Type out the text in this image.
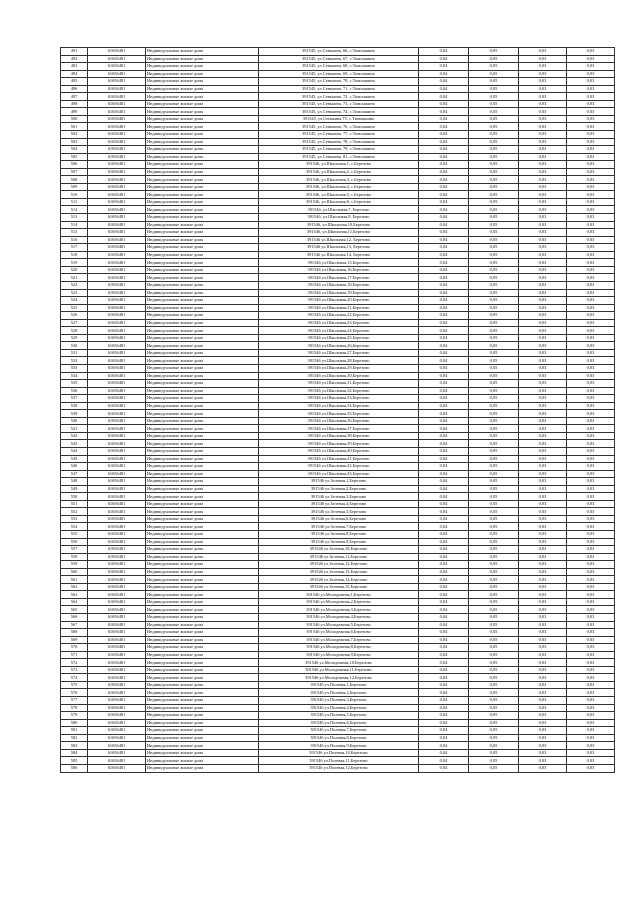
491	61656481	Индивидуальные жилые дома	391545, ул.Сенькина, 66, с.Тимошкино	0,04	0,05	0,03	0,03
492	61656481	Индивидуальные жилые дома	391545, ул.Сенькина, 67, с.Тимошкино	0,04	0,05	0,03	0,03
493	61656481	Индивидуальные жилые дома	391545, ул.Сенькина, 68, с.Тимошкино	0,04	0,05	0,03	0,03
494	61656481	Индивидуальные жилые дома	391545, ул.Сенькина, 69, с.Тимошкино	0,04	0,05	0,03	0,03
495	61656481	Индивидуальные жилые дома	391545, ул.Сенькина, 70, с.Тимошкино	0,04	0,05	0,03	0,03
496	61656481	Индивидуальные жилые дома	391545, ул.Сенькина, 71, с.Тимошкино	0,04	0,05	0,03	0,03
497	61656481	Индивидуальные жилые дома	391545, ул.Сенькина, 72, с.Тимошкино	0,04	0,05	0,03	0,03
498	61656481	Индивидуальные жилые дома	391545, ул.Сенькина, 73, с.Тимошкино	0,04	0,05	0,03	0,03
499	61656481	Индивидуальные жилые дома	391545, ул.Сенькина, 74, с.Тимошкино	0,04	0,05	0,03	0,03
500	61656481	Индивидуальные жилые дома	391545, ул.Сенькина,75, с.Тимошкино	0,04	0,05	0,03	0,03
501	61656481	Индивидуальные жилые дома	391545, ул.Сенькина, 76, с.Тимошкино	0,04	0,05	0,03	0,03
502	61656481	Индивидуальные жилые дома	391545, ул.Сенькина, 77, с.Тимошкино	0,04	0,05	0,03	0,03
503	61656481	Индивидуальные жилые дома	391545, ул.Сенькина, 78, с.Тимошкино	0,04	0,05	0,03	0,03
504	61656481	Индивидуальные жилые дома	391545, ул.Сенькина, 79, с.Тимошкино	0,04	0,05	0,03	0,03
505	61656481	Индивидуальные жилые дома	391545, ул.Сенькина, 81, с.Тимошкино	0,04	0,05	0,03	0,03
506	61656481	Индивидуальные жилые дома	391546, ул.Школьная,1, с.Березово	0,04	0,05	0,03	0,03
507	61656481	Индивидуальные жилые дома	391546, ул.Школьная,2, с.Березово	0,04	0,05	0,03	0,03
508	61656481	Индивидуальные жилые дома	391546, ул.Школьная,3, с.Березово	0,04	0,05	0,03	0,03
509	61656481	Индивидуальные жилые дома	391546, ул.Школьная,4, с.Березово	0,04	0,05	0,03	0,03
510	61656481	Индивидуальные жилые дома	391546, ул.Школьная,5, с.Березово	0,04	0,05	0,03	0,03
511	61656481	Индивидуальные жилые дома	391546, ул.Школьная,6, с.Березово	0,04	0,05	0,03	0,03
512	61656481	Индивидуальные жилые дома	391546, ул.Школьная,7, Березово	0,04	0,05	0,03	0,03
513	61656481	Индивидуальные жилые дома	391546, ул.Школьная,8, Березово	0,04	0,05	0,03	0,03
514	61656481	Индивидуальные жилые дома	391546, ул.Школьная,10,Березово	0,04	0,05	0,03	0,03
515	61656481	Индивидуальные жилые дома	391546, ул.Школьная,11,Березово	0,04	0,05	0,03	0,03
516	61656481	Индивидуальные жилые дома	391546 ул.Школьная,12, Березово	0,04	0,05	0,03	0,03
517	61656481	Индивидуальные жилые дома	391546 ул.Школьная,13, Березово	0,04	0,05	0,03	0,03
518	61656481	Индивидуальные жилые дома	391546 ул.Школьная,14, Березово	0,04	0,05	0,03	0,03
519	61656481	Индивидуальные жилые дома	391546 ул.Школьная,15,Березово	0,04	0,05	0,03	0,03
520	61656481	Индивидуальные жилые дома	391546 ул.Школьная,16,Березово	0,04	0,05	0,03	0,03
521	61656481	Индивидуальные жилые дома	391546 ул.Школьная,17,Березово	0,04	0,05	0,03	0,03
522	61656481	Индивидуальные жилые дома	391546 ул.Школьная,18,Березово	0,04	0,05	0,03	0,03
523	61656481	Индивидуальные жилые дома	391546 ул.Школьная,19,Березово	0,04	0,05	0,03	0,03
524	61656481	Индивидуальные жилые дома	391546 ул.Школьная,20,Березово	0,04	0,05	0,03	0,03
525	61656481	Индивидуальные жилые дома	391546 ул.Школьная,21,Березово	0,04	0,05	0,03	0,03
526	61656481	Индивидуальные жилые дома	391546 ул.Школьная,22,Березово	0,04	0,05	0,03	0,03
527	61656481	Индивидуальные жилые дома	391546 ул.Школьная,23,Березово	0,04	0,05	0,03	0,03
528	61656481	Индивидуальные жилые дома	391546 ул.Школьная,24,Березово	0,04	0,05	0,03	0,03
529	61656481	Индивидуальные жилые дома	391546 ул.Школьная,25,Березово	0,04	0,05	0,03	0,03
530	61656481	Индивидуальные жилые дома	391546 ул.Школьная,26,Березово	0,04	0,05	0,03	0,03
531	61656481	Индивидуальные жилые дома	391546 ул.Школьная,27,Березово	0,04	0,05	0,03	0,03
532	61656481	Индивидуальные жилые дома	391546 ул.Школьная,28,Березово	0,04	0,05	0,03	0,03
533	61656481	Индивидуальные жилые дома	391546 ул.Школьная,29,Березово	0,04	0,05	0,03	0,03
534	61656481	Индивидуальные жилые дома	391546 ул.Школьная,30,Березово	0,04	0,05	0,03	0,03
535	61656481	Индивидуальные жилые дома	391546 ул.Школьная,31,Березово	0,04	0,05	0,03	0,03
536	61656481	Индивидуальные жилые дома	391546 ул.Школьная,32,Березово	0,04	0,05	0,03	0,03
537	61656481	Индивидуальные жилые дома	391546 ул.Школьная,33,Березово	0,04	0,05	0,03	0,03
538	61656481	Индивидуальные жилые дома	391546 ул.Школьная,34,Березово	0,04	0,05	0,03	0,03
539	61656481	Индивидуальные жилые дома	391546 ул.Школьная,35,Березово	0,04	0,05	0,03	0,03
540	61656481	Индивидуальные жилые дома	391546 ул.Школьная,36,Березово	0,04	0,05	0,03	0,03
541	61656481	Индивидуальные жилые дома	391546 ул.Школьная,37,Березово	0,04	0,05	0,03	0,03
542	61656481	Индивидуальные жилые дома	391546 ул.Школьная,38,Березово	0,04	0,05	0,03	0,03
543	61656481	Индивидуальные жилые дома	391546 ул.Школьная,39,Березово	0,04	0,05	0,03	0,03
544	61656481	Индивидуальные жилые дома	391546 ул.Школьная,40,Березово	0,04	0,05	0,03	0,03
545	61656481	Индивидуальные жилые дома	391546 ул.Школьная,41,Березово	0,04	0,05	0,03	0,03
546	61656481	Индивидуальные жилые дома	391546 ул.Школьная,42,Березово	0,04	0,05	0,03	0,03
547	61656481	Индивидуальные жилые дома	391546 ул.Школьная,43,Березово	0,04	0,05	0,03	0,03
548	61656481	Индивидуальные жилые дома	391546 ул.Зеленая,1,Березово	0,04	0,05	0,03	0,03
549	61656481	Индивидуальные жилые дома	391546 ул.Зеленая,2,Березово	0,04	0,05	0,03	0,03
550	61656481	Индивидуальные жилые дома	391546 ул.Зеленая,3,Березово	0,04	0,05	0,03	0,03
551	61656481	Индивидуальные жилые дома	391546 ул.Зеленая,4,Березово	0,04	0,05	0,03	0,03
552	61656481	Индивидуальные жилые дома	391546 ул.Зеленая,5,Березово	0,04	0,05	0,03	0,03
553	61656481	Индивидуальные жилые дома	391546 ул.Зеленая,6,Березово	0,04	0,05	0,03	0,03
554	61656481	Индивидуальные жилые дома	391546 ул.Зеленая,7,Березово	0,04	0,05	0,03	0,03
555	61656481	Индивидуальные жилые дома	391546 ул.Зеленая,8,Березово	0,04	0,05	0,03	0,03
556	61656481	Индивидуальные жилые дома	391546 ул.Зеленая,9,Березово	0,04	0,05	0,03	0,03
557	61656481	Индивидуальные жилые дома	391546 ул.Зеленая,10,Березово	0,04	0,05	0,03	0,03
558	61656481	Индивидуальные жилые дома	391546 ул.Зеленая,11,Березово	0,04	0,05	0,03	0,03
559	61656481	Индивидуальные жилые дома	391546 ул.Зеленая,12,Березово	0,04	0,05	0,03	0,03
560	61656481	Индивидуальные жилые дома	391546 ул.Зеленая,13,Березово	0,04	0,05	0,03	0,03
561	61656481	Индивидуальные жилые дома	391546 ул.Зеленая,14,Березово	0,04	0,05	0,03	0,03
562	61656481	Индивидуальные жилые дома	391546 ул.Зеленая,15,Березово	0,04	0,05	0,03	0,03
563	61656481	Индивидуальные жилые дома	391546 ул.Молодежная,1,Березово	0,04	0,05	0,03	0,03
564	61656481	Индивидуальные жилые дома	391546 ул.Молодежная,2,Березово	0,04	0,05	0,03	0,03
565	61656481	Индивидуальные жилые дома	391546 ул.Молодежная,3,Березово	0,04	0,05	0,03	0,03
566	61656481	Индивидуальные жилые дома	391546 ул.Молодежная,4,Березово	0,04	0,05	0,03	0,03
567	61656481	Индивидуальные жилые дома	391546 ул.Молодежная,5,Березово	0,04	0,05	0,03	0,03
568	61656481	Индивидуальные жилые дома	391546 ул.Молодежная,6,Березово	0,04	0,05	0,03	0,03
569	61656481	Индивидуальные жилые дома	391546 ул.Молодежная,7,Березово	0,04	0,05	0,03	0,03
570	61656481	Индивидуальные жилые дома	391546 ул.Молодежная,8,Березово	0,04	0,05	0,03	0,03
571	61656481	Индивидуальные жилые дома	391546 ул.Молодежная,9,Березово	0,04	0,05	0,03	0,03
572	61656481	Индивидуальные жилые дома	391546 ул.Молодежная,10,Березово	0,04	0,05	0,03	0,03
573	61656481	Индивидуальные жилые дома	391546 ул.Молодежная,11,Березово	0,04	0,05	0,03	0,03
574	61656481	Индивидуальные жилые дома	391546 ул.Молодежная,12,Березово	0,04	0,05	0,03	0,03
575	61656481	Индивидуальные жилые дома	391546 ул.Полевая,1,Березово	0,04	0,05	0,03	0,03
576	61656481	Индивидуальные жилые дома	391546 ул.Полевая,2,Березово	0,04	0,05	0,03	0,03
577	61656481	Индивидуальные жилые дома	391546 ул.Полевая,3,Березово	0,04	0,05	0,03	0,03
578	61656481	Индивидуальные жилые дома	391546 ул.Полевая,4,Березово	0,04	0,05	0,03	0,03
579	61656481	Индивидуальные жилые дома	391546 ул.Полевая,5,Березово	0,04	0,05	0,03	0,03
580	61656481	Индивидуальные жилые дома	391546 ул.Полевая,6,Березово	0,04	0,05	0,03	0,03
581	61656481	Индивидуальные жилые дома	391546 ул.Полевая,7,Березово	0,04	0,05	0,03	0,03
582	61656481	Индивидуальные жилые дома	391546 ул.Полевая,8,Березово	0,04	0,05	0,03	0,03
583	61656481	Индивидуальные жилые дома	391546 ул.Полевая,9,Березово	0,04	0,05	0,03	0,03
584	61656481	Индивидуальные жилые дома	391546 ул.Полевая,10,Березово	0,04	0,05	0,03	0,03
585	61656481	Индивидуальные жилые дома	391546 ул.Полевая,11,Березово	0,04	0,05	0,03	0,03
586	61656481	Индивидуальные жилые дома	391546 ул.Полевая,12,Березово	0,04	0,05	0,03	0,03
